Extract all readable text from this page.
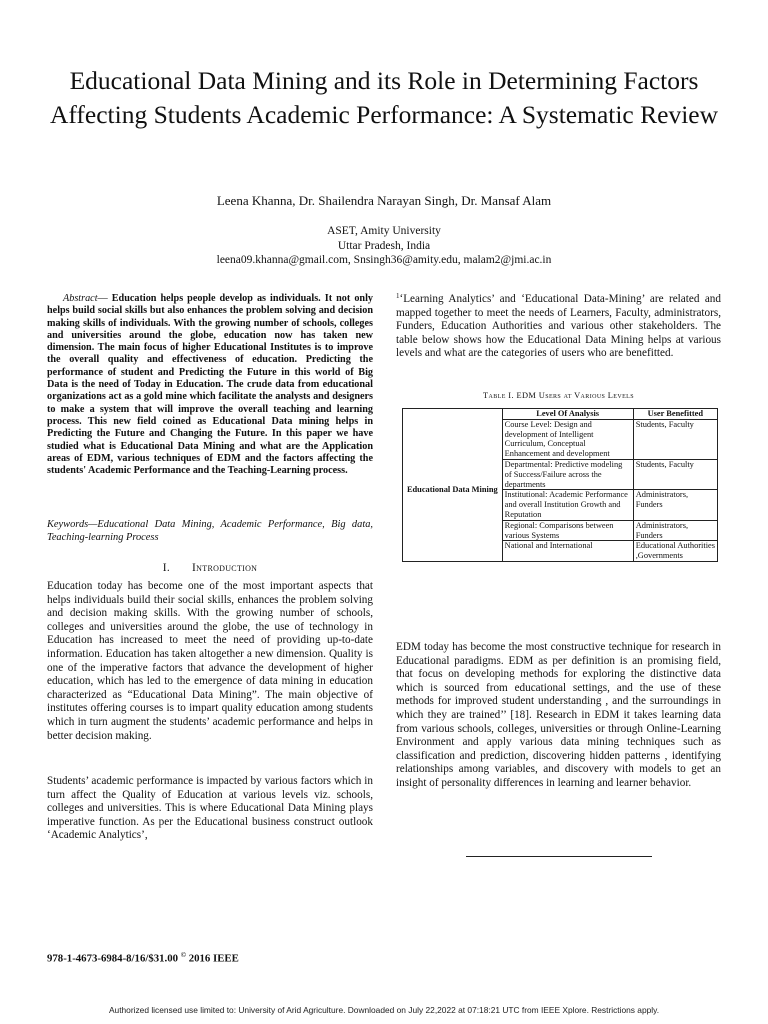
Educational Data Mining and its Role in Determining Factors Affecting Students Academic Performance: A Systematic Review
Leena Khanna, Dr. Shailendra Narayan Singh, Dr. Mansaf Alam
ASET, Amity University
Uttar Pradesh, India
leena09.khanna@gmail.com, Snsingh36@amity.edu, malam2@jmi.ac.in
Abstract— Education helps people develop as individuals. It not only helps build social skills but also enhances the problem solving and decision making skills of individuals. With the growing number of schools, colleges and universities around the globe, education now has taken new dimension. The main focus of higher Educational Institutes is to improve the overall quality and effectiveness of education. Predicting the performance of student and Predicting the Future in this world of Big Data is the need of Today in Education. The crude data from educational organizations act as a gold mine which facilitate the analysts and designers to make a system that will improve the overall teaching and learning process. This new field coined as Educational Data mining helps in Predicting the Future and Changing the Future. In this paper we have studied what is Educational Data Mining and what are the Application areas of EDM, various techniques of EDM and the factors affecting the students' Academic Performance and the Teaching-Learning process.
Keywords—Educational Data Mining, Academic Performance, Big data, Teaching-learning Process
I. Introduction
Education today has become one of the most important aspects that helps individuals build their social skills, enhances the problem solving and decision making skills. With the growing number of schools, colleges and universities around the globe, the use of technology in Education has increased to meet the need of providing up-to-date information. Education has taken altogether a new dimension. Quality is one of the imperative factors that advance the development of higher education, which has led to the emergence of data mining in education characterized as “Educational Data Mining”. The main objective of institutes offering courses is to impart quality education among students which in turn augment the students’ academic performance and helps in better decision making.
Students’ academic performance is impacted by various factors which in turn affect the Quality of Education at various levels viz. schools, colleges and universities. This is where Educational Data Mining plays imperative function. As per the Educational business construct outlook ‘Academic Analytics’,
$^1$‘Learning Analytics’ and ‘Educational Data-Mining’ are related and mapped together to meet the needs of Learners, Faculty, administrators, Funders, Education Authorities and various other stakeholders. The table below shows how the Educational Data Mining helps at various levels and what are the categories of users who are benefitted.
Table I. EDM Users at Various Levels
	Level Of Analysis	User Benefitted
Educational Data Mining	Course Level: Design and development of Intelligent Curriculum, Conceptual Enhancement and development	Students, Faculty
	Departmental: Predictive modeling of Success/Failure across the departments	Students, Faculty
	Institutional: Academic Performance and overall Institution Growth and Reputation	Administrators, Funders
	Regional: Comparisons between various Systems	Administrators, Funders
	National and International	Educational Authorities ,Governments
EDM today has become the most constructive technique for research in Educational paradigms. EDM as per definition is an promising field, that focus on developing methods for exploring the distinctive data which is sourced from educational settings, and the use of these methods for improved student understanding , and the surroundings in which they are trained’’ [18]. Research in EDM it takes learning data from various schools, colleges, universities or through Online-Learning Environment and apply various data mining techniques such as classification and prediction, discovering hidden patterns , identifying relationships among variables, and discovery with models to get an insight of personality differences in learning and learner behavior.
978-1-4673-6984-8/16/$31.00 © 2016 IEEE
Authorized licensed use limited to: University of Arid Agriculture. Downloaded on July 22,2022 at 07:18:21 UTC from IEEE Xplore. Restrictions apply.
